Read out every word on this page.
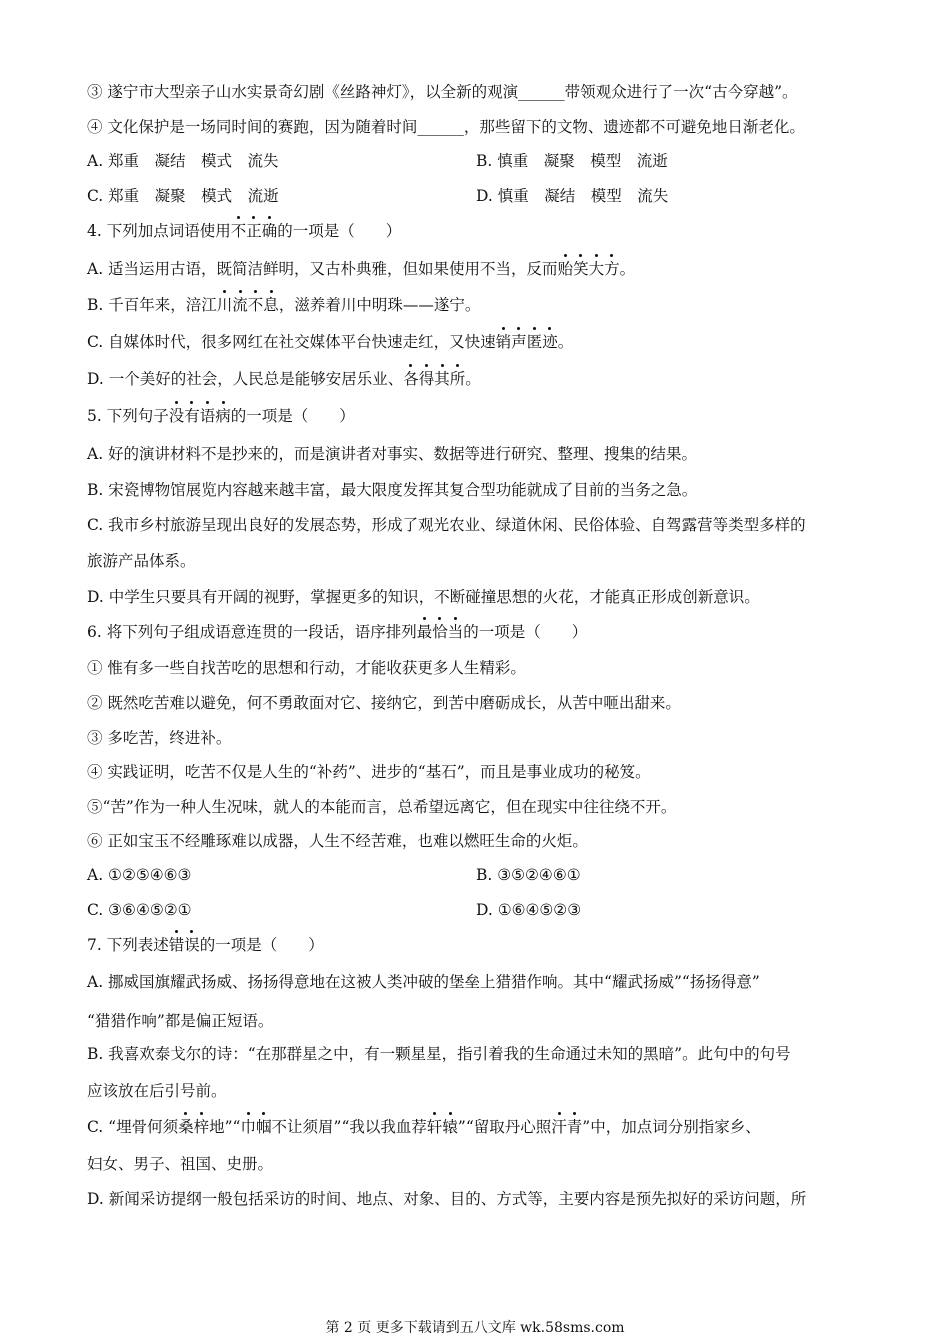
③ 遂宁市大型亲子山水实景奇幻剧《丝路神灯》，以全新的观演______带领观众进行了一次“古今穿越”。
④ 文化保护是一场同时间的赛跑，因为随着时间______，那些留下的文物、遗迹都不可避免地日渐老化。
A. 郑重　凝结　模式　流失	B. 慎重　凝聚　模型　流逝
C. 郑重　凝聚　模式　流逝	D. 慎重　凝结　模型　流失
4. 下列加点词语使用不正确的一项是（　　）
A. 适当运用古语，既简洁鲜明，又古朴典雅，但如果使用不当，反而贻笑大方。
B. 千百年来，涪江川流不息，滋养着川中明珠——遂宁。
C. 自媒体时代，很多网红在社交媒体平台快速走红，又快速销声匿迹。
D. 一个美好的社会，人民总是能够安居乐业、各得其所。
5. 下列句子没有语病的一项是（　　）
A. 好的演讲材料不是抄来的，而是演讲者对事实、数据等进行研究、整理、搜集的结果。
B. 宋瓷博物馆展览内容越来越丰富，最大限度发挥其复合型功能就成了目前的当务之急。
C. 我市乡村旅游呈现出良好的发展态势，形成了观光农业、绿道休闲、民俗体验、自驾露营等类型多样的
旅游产品体系。
D. 中学生只要具有开阔的视野，掌握更多的知识，不断碰撞思想的火花，才能真正形成创新意识。
6. 将下列句子组成语意连贯的一段话，语序排列最恰当的一项是（　　）
① 惟有多一些自找苦吃的思想和行动，才能收获更多人生精彩。
② 既然吃苦难以避免，何不勇敢面对它、接纳它，到苦中磨砺成长，从苦中咂出甜来。
③ 多吃苦，终进补。
④ 实践证明，吃苦不仅是人生的“补药”、进步的“基石”，而且是事业成功的秘笈。
⑤“苦”作为一种人生况味，就人的本能而言，总希望远离它，但在现实中往往绕不开。
⑥ 正如宝玉不经雕琢难以成器，人生不经苦难，也难以燃旺生命的火炬。
A. ①②⑤④⑥③	B. ③⑤②④⑥①
C. ③⑥④⑤②①	D. ①⑥④⑤②③
7. 下列表述错误的一项是（　　）
A. 挪威国旗耀武扬威、扬扬得意地在这被人类冲破的堡垒上猎猎作响。其中“耀武扬威”“扬扬得意”
“猎猎作响”都是偏正短语。
B. 我喜欢泰戈尔的诗：“在那群星之中，有一颗星星，指引着我的生命通过未知的黑暗”。此句中的句号
应该放在后引号前。
C. “埋骨何须桑梓地”“巾帼不让须眉”“我以我血荐轩辕”“留取丹心照汗青”中，加点词分别指家乡、
妇女、男子、祖国、史册。
D. 新闻采访提纲一般包括采访的时间、地点、对象、目的、方式等，主要内容是预先拟好的采访问题，所
第 2 页 更多下载请到五八文库 wk.58sms.com
